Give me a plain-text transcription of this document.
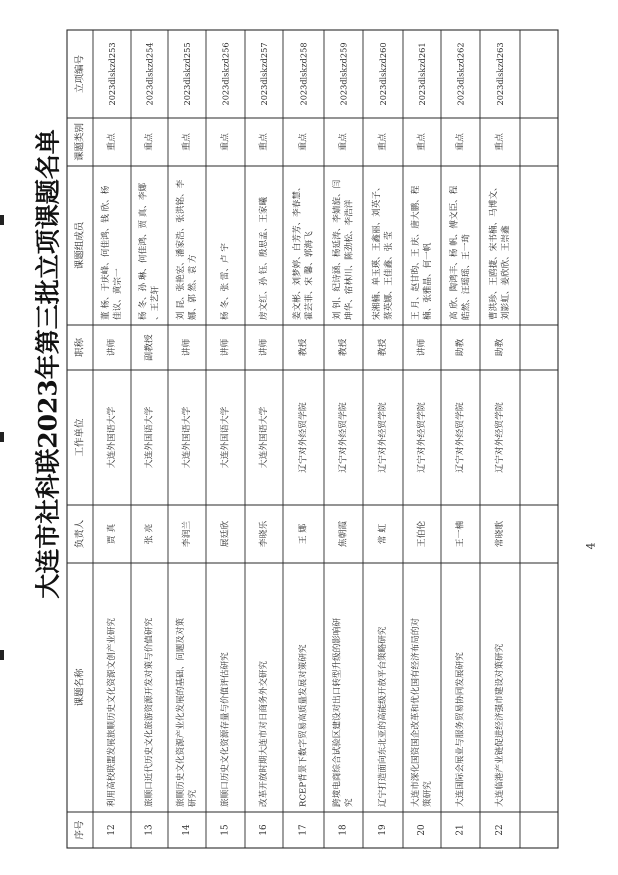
大连市社科联2023年第三批立项课题名单	4
序号
课题名称
负责人
工作单位
职称
课题组成员
课题类别
立项编号
12
利用高校联盟发展旅顺历史文化资源文创产业研究
贾 真
大连外国语大学
讲师
董 杨、于庆峰、何佳鸿、钱 欣、杨 佳议、黄宗一
重点
2023dlskzd253
13
旅顺口近代历史文化旅游资源开发对策与价值研究
张 亮
大连外国语大学
副教授
杨 冬、孙 琳、何佳鸿、贾 真、李娜 、王艺轩
重点
2023dlskzd254
14
旅顺历史文化资源产业化发展的基础、问题及对策 研究
李润兰
大连外国语大学
讲师
刘 昆、张艳宏、潘家浩、张洪铭、李 娜、郭 然、袁 方
重点
2023dlskzd255
15
旅顺口历史文化资源存量与价值评估研究
展廷欣
大连外国语大学
讲师
杨 冬、张 雷、卢 宇
重点
2023dlskzd256
16
改革开放时期大连市对日商务外交研究
李晓乐
大连外国语大学
讲师
房文红、孙 钰、殷思孟、王家曦
重点
2023dlskzd257
17
RCEP背景下数字贸易高质量发展对策研究
王 娜
辽宁对外经贸学院
教授
姜文彬、刘梦婷、白芳芳、李春慧、 霍芸菲、宋 馨、郭海飞
重点
2023dlskzd258
18
跨境电商综合试验区建设对出口转型升级的影响研 究
焦朝霞
辽宁对外经贸学院
教授
刘 钊、纪诗涵、杨延涛、李婧旋、闫 坤华、宿林川、陈劲松、李浩洋
重点
2023dlskzd259
19
辽宁打造面向东北亚的高能级开放平台策略研究
常 虹
辽宁对外经贸学院
教授
宋湘楠、单玉瑛、王鑫丽、刘英子、 蔡英娜、王佳鑫、张 莹
重点
2023dlskzd260
20
大连市深化国资国企改革和优化国有经济布局的对 策研究
王伯伦
辽宁对外经贸学院
讲师
王 月、赵甘昀、王 庆、唐大鹏、程 楠、张雅晶、何一帆
重点
2023dlskzd261
21
大连国际会展业与服务贸易协同发展研究
王一楠
辽宁对外经贸学院
助教
高 欣、陶鸿丰、杨 帆、傅文臣、程 皓然、汪瑶瑶、王一琦
重点
2023dlskzd262
22
大连临港产业链促进经济强市建设对策研究
常晓歌
辽宁对外经贸学院
助教
曹洪珍、王鸥捷、宋书楠、马博文、 刘影虹、姜欣欣、王崇鑫
重点
2023dlskzd263
